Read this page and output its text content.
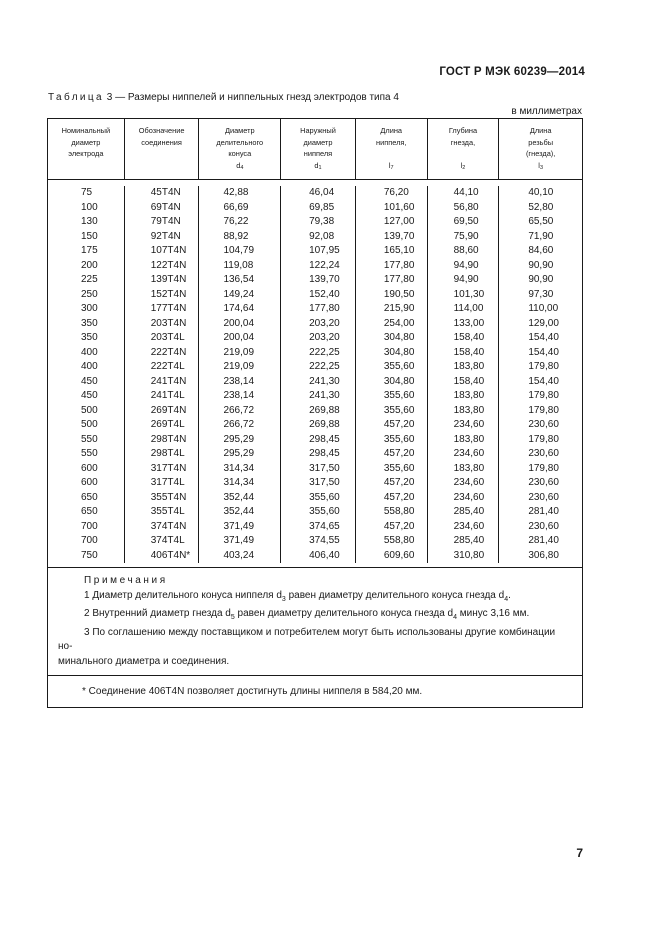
ГОСТ Р МЭК 60239—2014
Таблица 3 — Размеры ниппелей и ниппельных гнезд электродов типа 4
в миллиметрах
Номинальный
диаметр
электрода
Обозначение
соединения
Диаметр
делительного
конуса
$d_4$
Наружный
диаметр
ниппеля
$d_1$
Длина
ниппеля,
$l_7$
Глубина
гнезда,
$l_2$
Длина
резьбы
(гнезда),
$l_3$
75
100
130
150
175
200
225
250
300
350
350
400
400
450
450
500
500
550
550
600
600
650
650
700
700
750
45T4N
69T4N
79T4N
92T4N
107T4N
122T4N
139T4N
152T4N
177T4N
203T4N
203T4L
222T4N
222T4L
241T4N
241T4L
269T4N
269T4L
298T4N
298T4L
317T4N
317T4L
355T4N
355T4L
374T4N
374T4L
406T4N*
42,88
66,69
76,22
88,92
104,79
119,08
136,54
149,24
174,64
200,04
200,04
219,09
219,09
238,14
238,14
266,72
266,72
295,29
295,29
314,34
314,34
352,44
352,44
371,49
371,49
403,24
46,04
69,85
79,38
92,08
107,95
122,24
139,70
152,40
177,80
203,20
203,20
222,25
222,25
241,30
241,30
269,88
269,88
298,45
298,45
317,50
317,50
355,60
355,60
374,65
374,55
406,40
76,20
101,60
127,00
139,70
165,10
177,80
177,80
190,50
215,90
254,00
304,80
304,80
355,60
304,80
355,60
355,60
457,20
355,60
457,20
355,60
457,20
457,20
558,80
457,20
558,80
609,60
44,10
56,80
69,50
75,90
88,60
94,90
94,90
101,30
114,00
133,00
158,40
158,40
183,80
158,40
183,80
183,80
234,60
183,80
234,60
183,80
234,60
234,60
285,40
234,60
285,40
310,80
40,10
52,80
65,50
71,90
84,60
90,90
90,90
97,30
110,00
129,00
154,40
154,40
179,80
154,40
179,80
179,80
230,60
179,80
230,60
179,80
230,60
230,60
281,40
230,60
281,40
306,80
Примечания
1 Диаметр делительного конуса ниппеля $d_3$ равен диаметру делительного конуса гнезда $d_4$.
2 Внутренний диаметр гнезда $d_5$ равен диаметру делительного конуса гнезда $d_4$ минус 3,16 мм.
3 По соглашению между поставщиком и потребителем могут быть использованы другие комбинации но-
минального диаметра и соединения.
* Соединение 406T4N позволяет достигнуть длины ниппеля в 584,20 мм.
7
